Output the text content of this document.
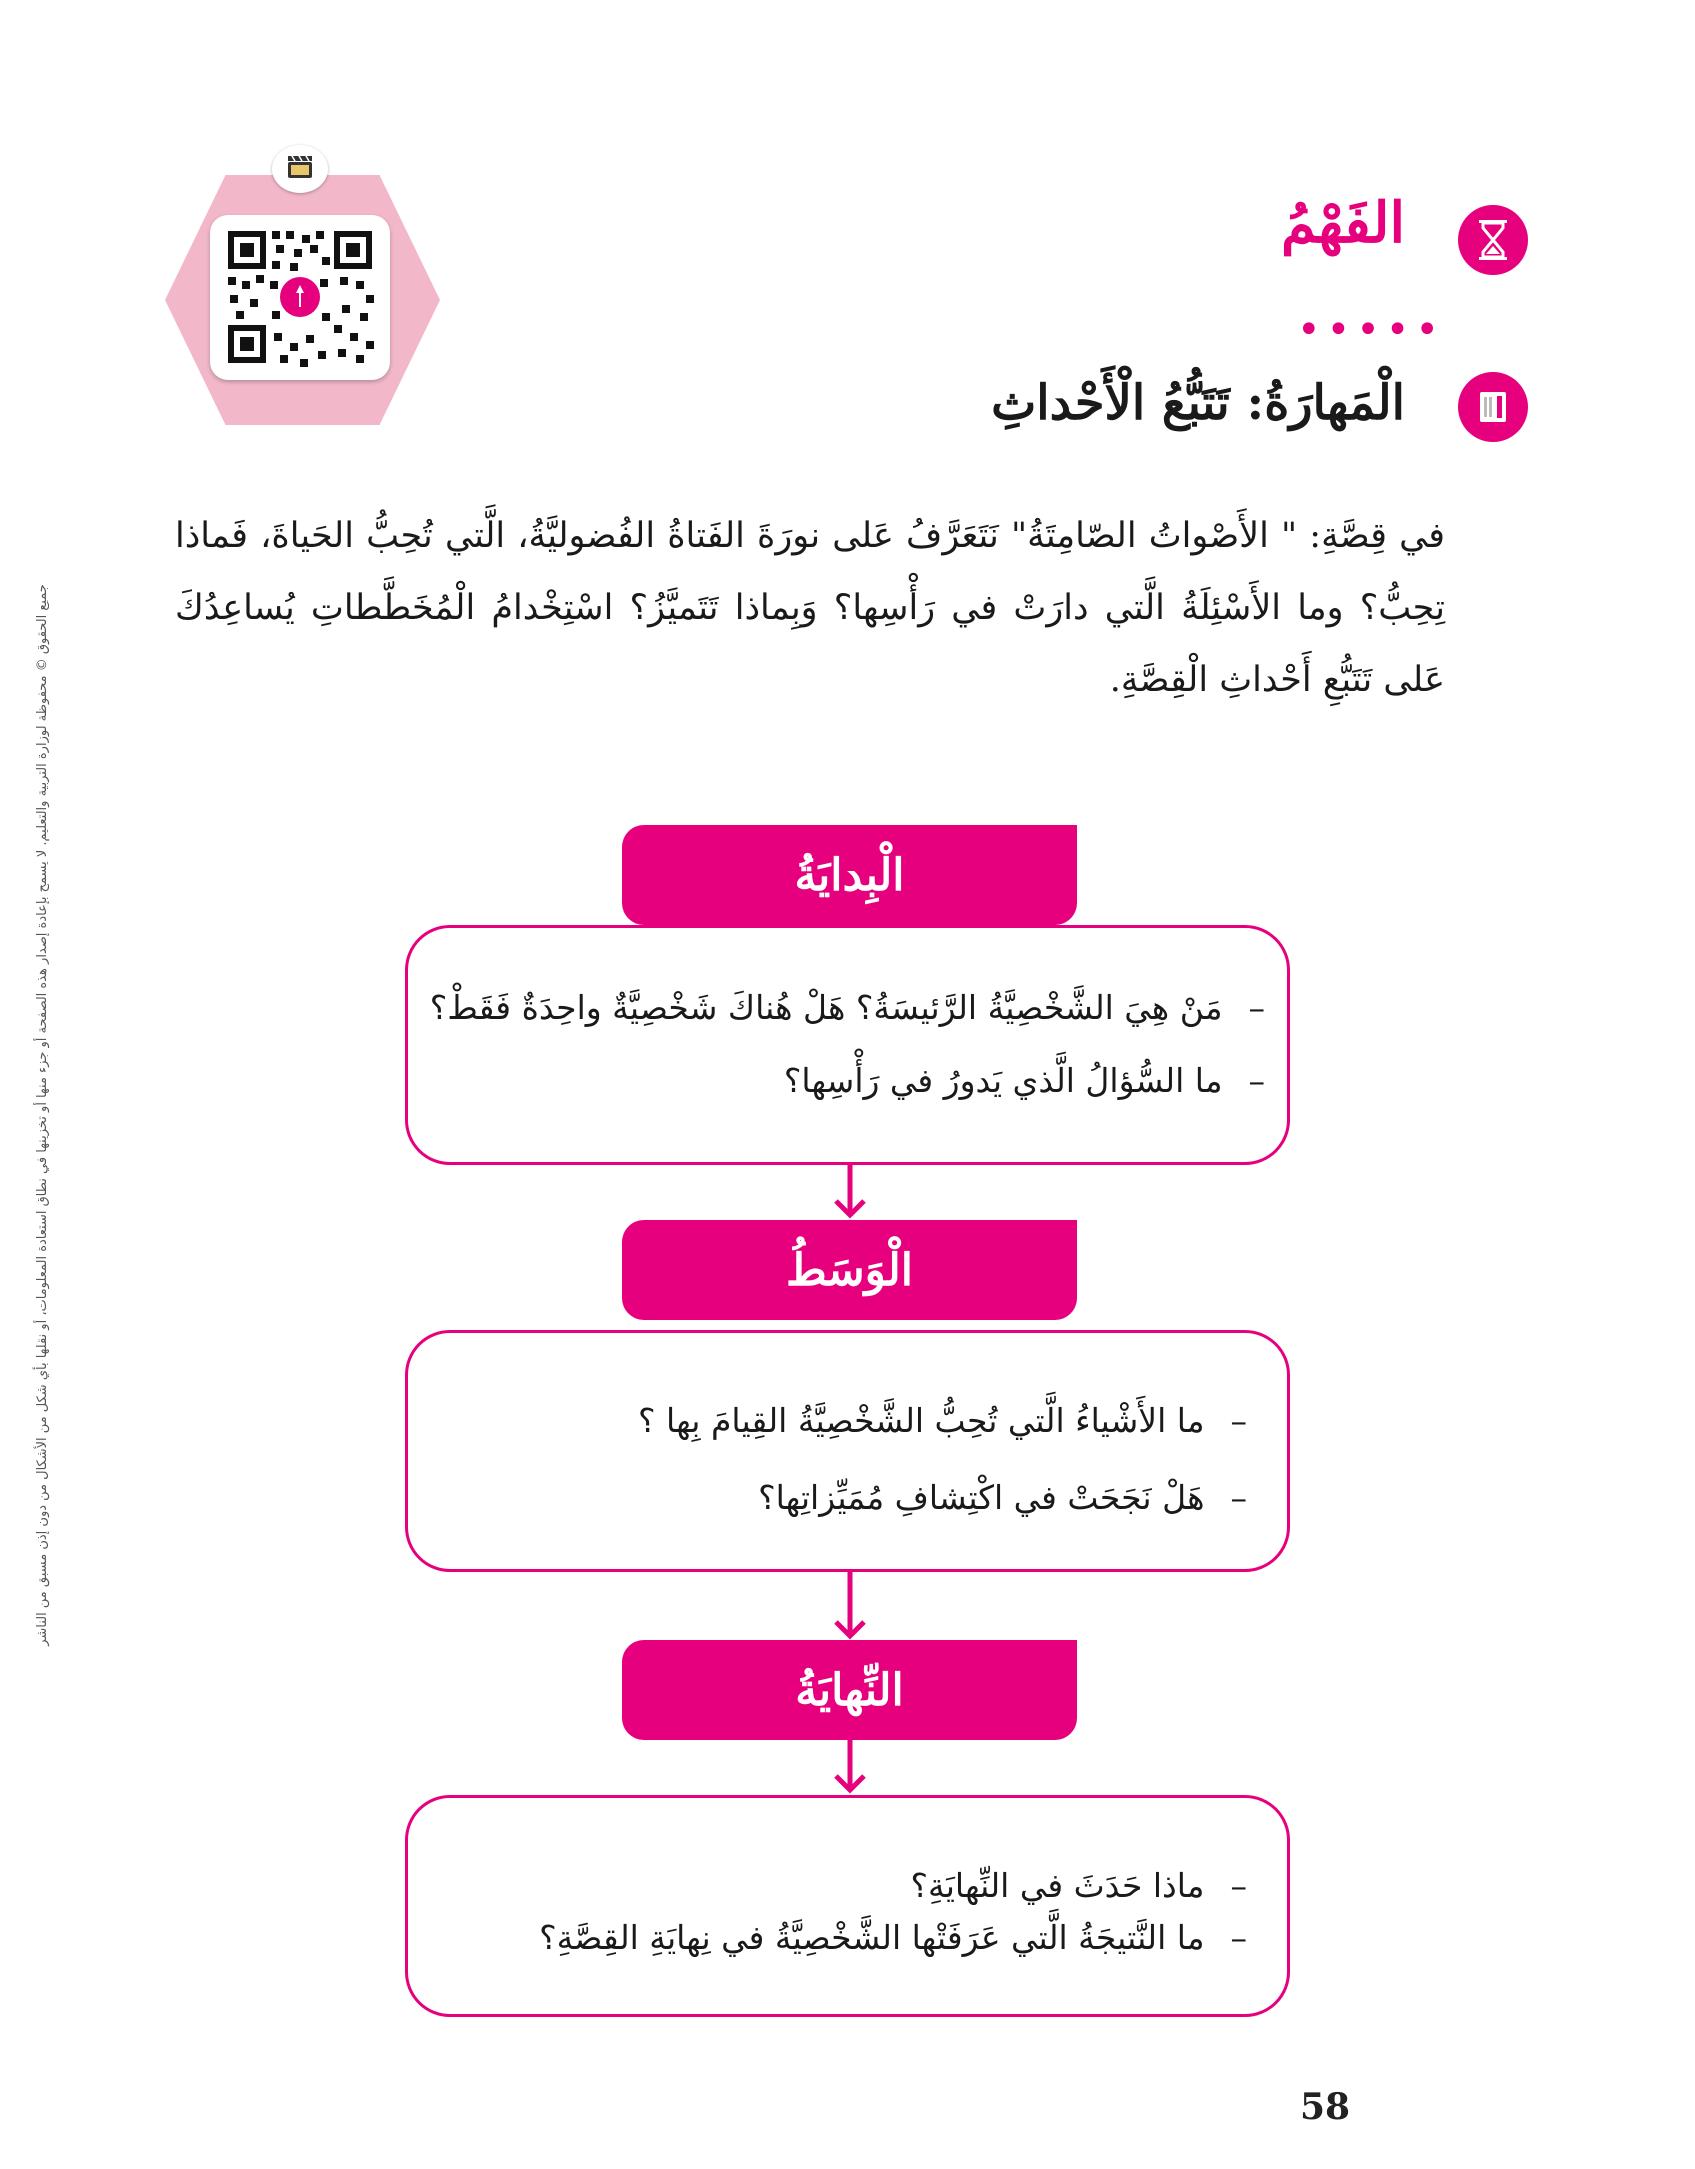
جميع الحقوق © محفوظة لوزارة التربية والتعليم. لا يسمح بإعادة إصدار هذه الصفحة أو جزء منها أو تخزينها في نطاق استعادة المعلومات، أو نقلها بأي شكل من الأشكال من دون إذن مسبق من الناشر
الفَهْمُ
•••••
الْمَهارَةُ: تَتَبُّعُ الْأَحْداثِ

في قِصَّةِ: " الأَصْواتُ الصّامِتَةُ" نَتَعَرَّفُ عَلى نورَةَ الفَتاةُ الفُضوليَّةُ، الَّتي تُحِبُّ الحَياةَ، فَماذا تِحِبُّ؟ وما الأَسْئِلَةُ الَّتي دارَتْ في رَأْسِها؟ وَبِماذا تَتَميَّزُ؟ اسْتِخْدامُ الْمُخَطَّطاتِ يُساعِدُكَ عَلى تَتَبُّعِ أَحْداثِ الْقِصَّةِ.

الْبِدايَةُ
–مَنْ هِيَ الشَّخْصِيَّةُ الرَّئيسَةُ؟ هَلْ هُناكَ شَخْصِيَّةٌ واحِدَةٌ فَقَطْ؟
–ما السُّؤالُ الَّذي يَدورُ في رَأْسِها؟
الْوَسَطُ
–ما الأَشْياءُ الَّتي تُحِبُّ الشَّخْصِيَّةُ القِيامَ بِها ؟
–هَلْ نَجَحَتْ في اكْتِشافِ مُمَيِّزاتِها؟
النِّهايَةُ
–ماذا حَدَثَ في النِّهايَةِ؟
–ما النَّتيجَةُ الَّتي عَرَفَتْها الشَّخْصِيَّةُ في نِهايَةِ القِصَّةِ؟
58
